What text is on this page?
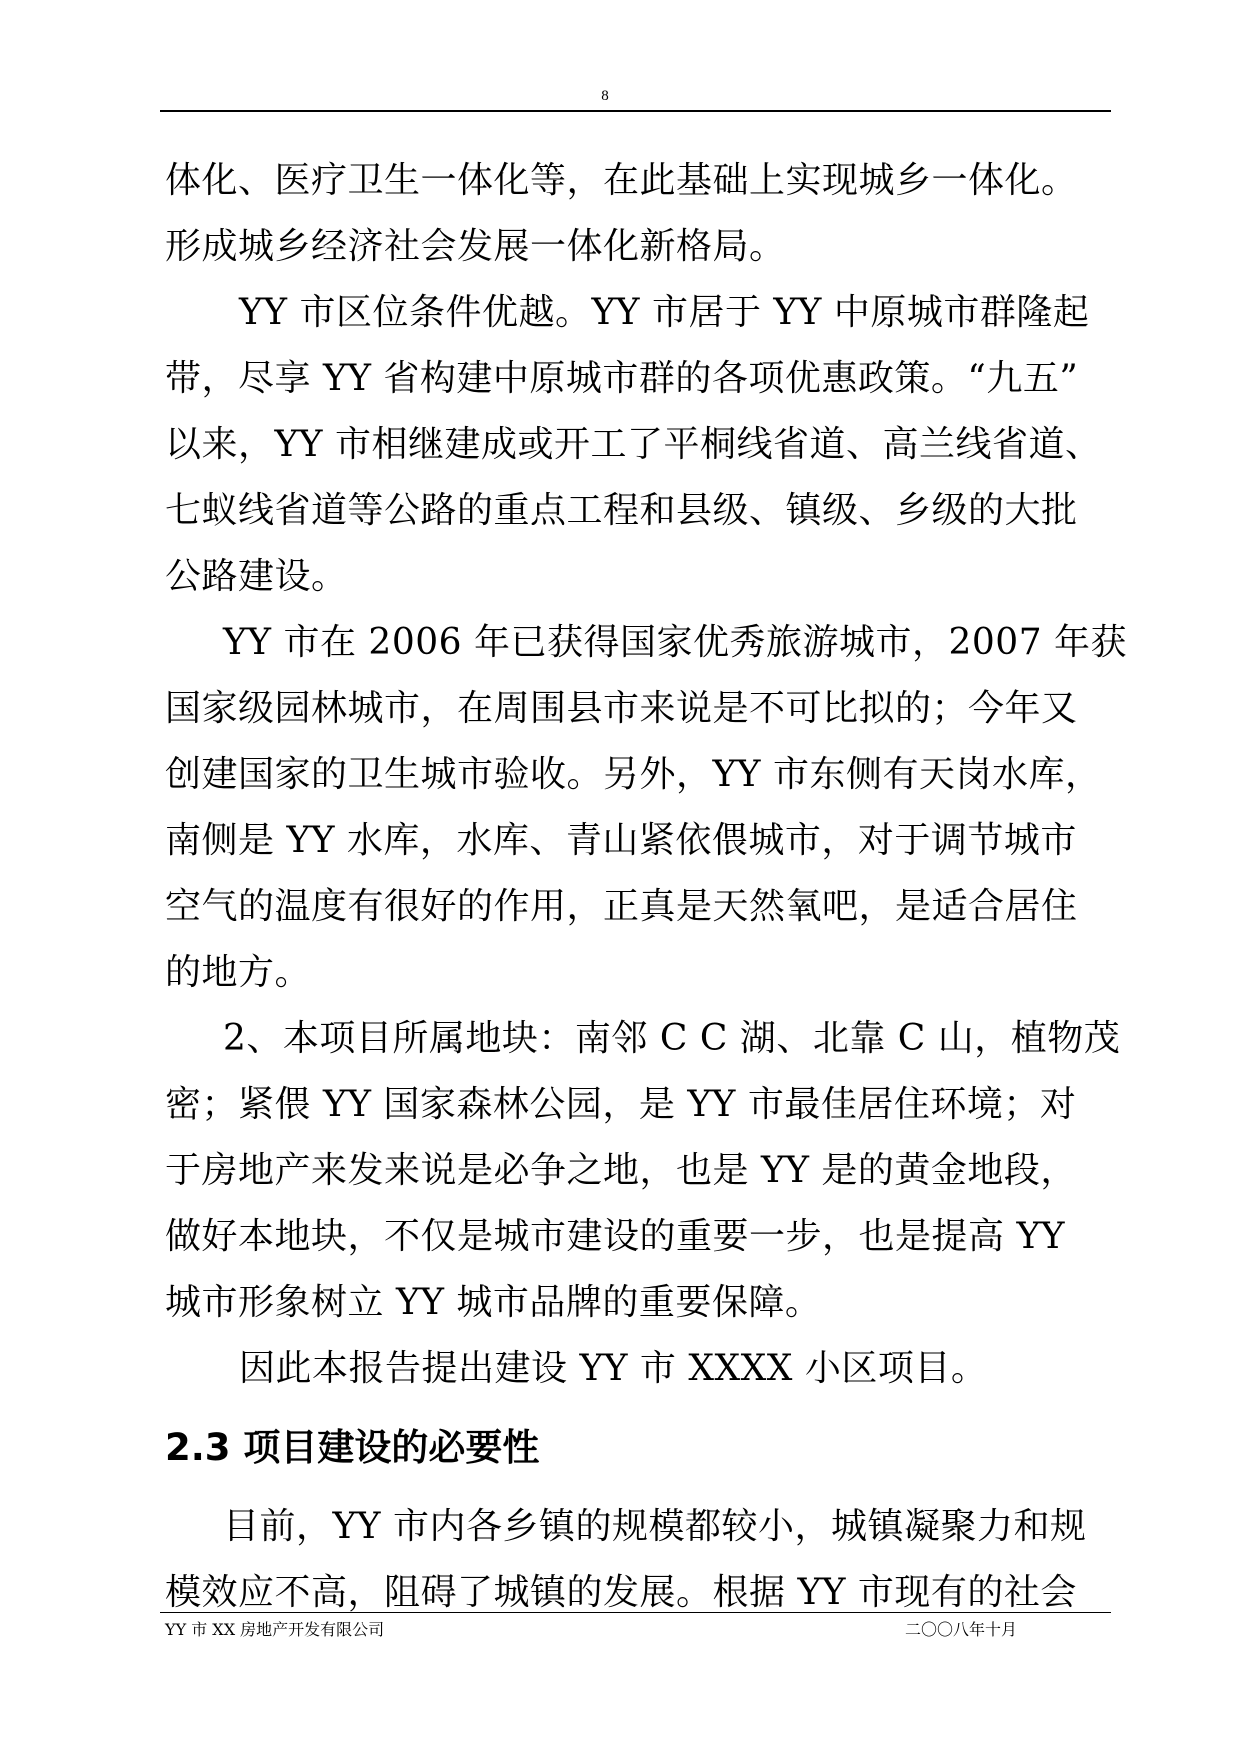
8
体化、医疗卫生一体化等，在此基础上实现城乡一体化。
形成城乡经济社会发展一体化新格局。
YY 市区位条件优越。YY 市居于 YY 中原城市群隆起
带，尽享 YY 省构建中原城市群的各项优惠政策。“九五”
以来，YY 市相继建成或开工了平桐线省道、高兰线省道、
七蚁线省道等公路的重点工程和县级、镇级、乡级的大批
公路建设。
YY 市在 2006 年已获得国家优秀旅游城市，2007 年获
国家级园林城市，在周围县市来说是不可比拟的；今年又
创建国家的卫生城市验收。另外，YY 市东侧有天岗水库，
南侧是 YY 水库，水库、青山紧依偎城市，对于调节城市
空气的温度有很好的作用，正真是天然氧吧，是适合居住
的地方。
2、本项目所属地块：南邻 C C 湖、北靠 C 山，植物茂
密；紧偎 YY 国家森林公园，是 YY 市最佳居住环境；对
于房地产来发来说是必争之地，也是 YY 是的黄金地段，
做好本地块，不仅是城市建设的重要一步，也是提高 YY
城市形象树立 YY 城市品牌的重要保障。
因此本报告提出建设 YY 市 XXXX 小区项目。
2.3 项目建设的必要性
目前，YY 市内各乡镇的规模都较小，城镇凝聚力和规
模效应不高，阻碍了城镇的发展。根据 YY 市现有的社会
YY 市 XX 房地产开发有限公司	二〇〇八年十月
